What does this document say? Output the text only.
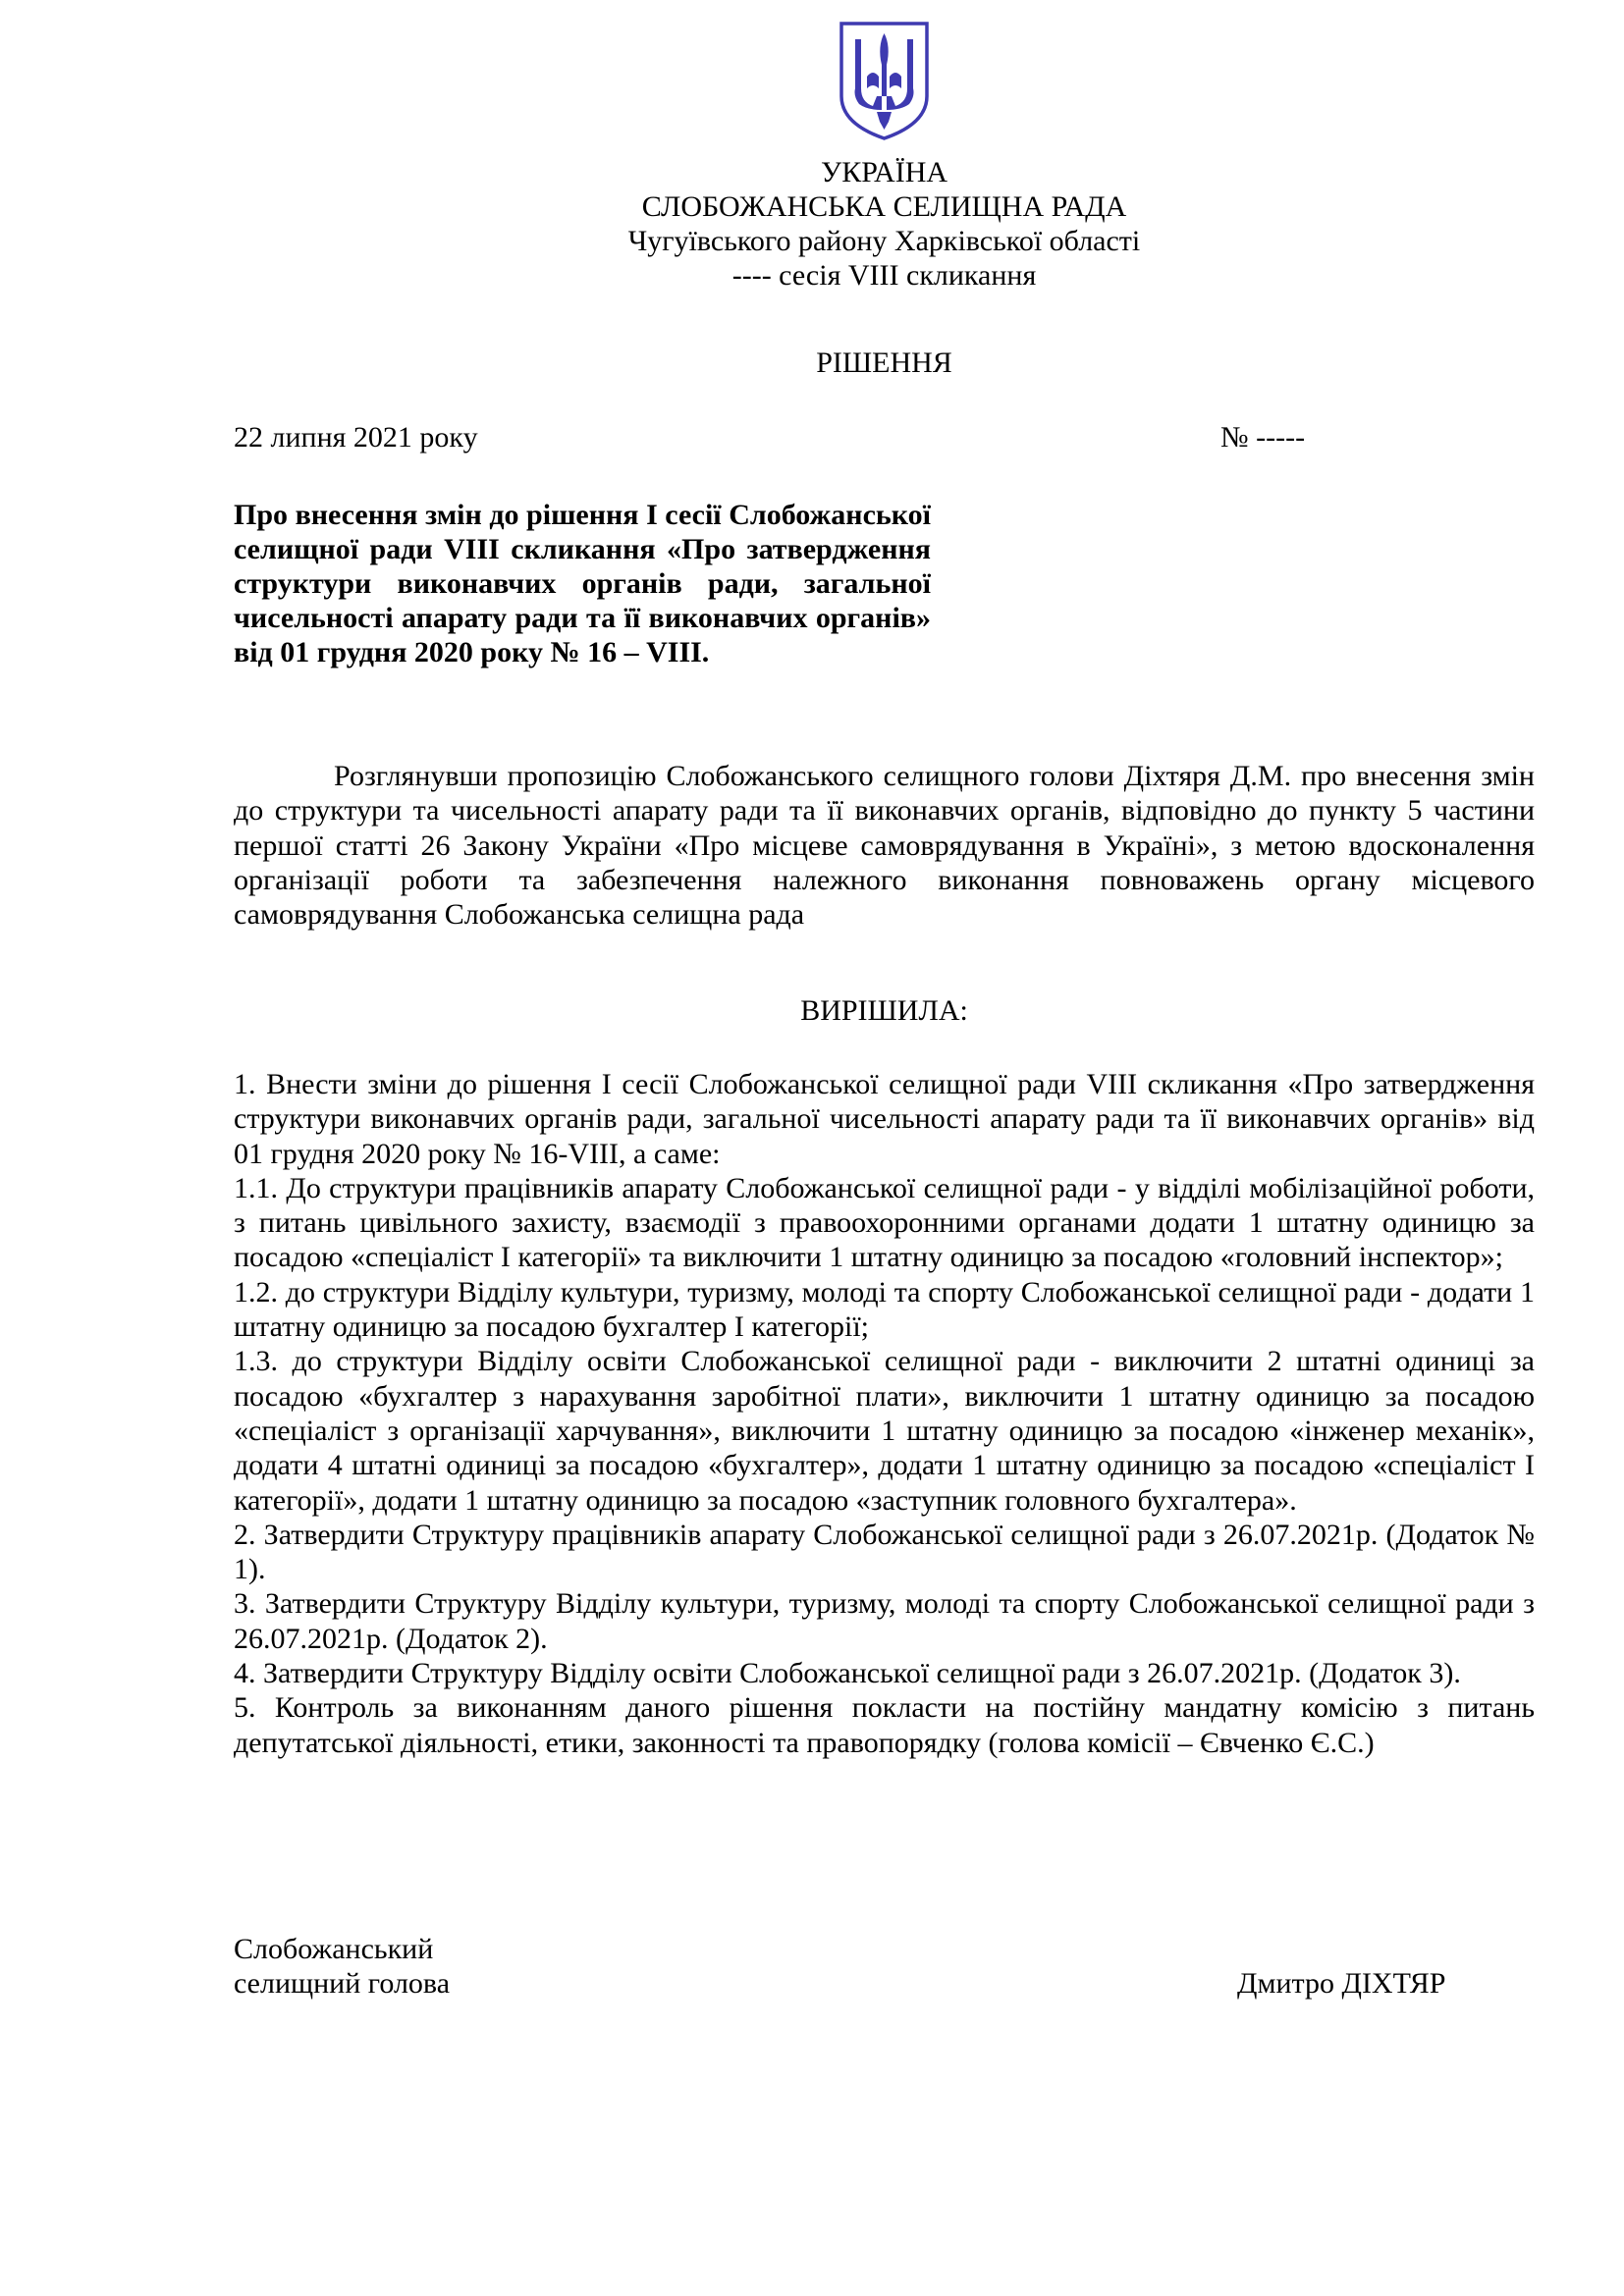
УКРАЇНА
СЛОБОЖАНСЬКА СЕЛИЩНА РАДА
Чугуївського району Харківської області
---- сесія VIII скликання
РІШЕННЯ
22 липня 2021 року	№ -----
Про внесення змін до рішення І сесії Слобожанської селищної ради VIII скликання «Про затвердження структури виконавчих органів ради, загальної чисельності апарату ради та її виконавчих органів» від 01 грудня 2020 року № 16 – VIII.
Розглянувши пропозицію Слобожанського селищного голови Діхтяря Д.М. про внесення змін до структури та чисельності апарату ради та її виконавчих органів, відповідно до пункту 5 частини першої статті 26 Закону України «Про місцеве самоврядування в Україні», з метою вдосконалення організації роботи та забезпечення належного виконання повноважень органу місцевого самоврядування Слобожанська селищна рада
ВИРІШИЛА:

1. Внести зміни до рішення І сесії Слобожанської селищної ради VIII скликання «Про затвердження структури виконавчих органів ради, загальної чисельності апарату ради та її виконавчих органів» від 01 грудня 2020 року № 16-VIII, а саме:

1.1. До структури працівників апарату Слобожанської селищної ради - у відділі мобілізаційної роботи, з питань цивільного захисту, взаємодії з правоохоронними органами додати 1 штатну одиницю за посадою «спеціаліст І категорії» та виключити 1 штатну одиницю за посадою «головний інспектор»;

1.2. до структури Відділу культури, туризму, молоді та спорту Слобожанської селищної ради - додати 1 штатну одиницю за посадою бухгалтер І категорії;

1.3. до структури Відділу освіти Слобожанської селищної ради - виключити 2 штатні одиниці за посадою «бухгалтер з нарахування заробітної плати», виключити 1 штатну одиницю за посадою «спеціаліст з організації харчування», виключити 1 штатну одиницю за посадою «інженер механік», додати 4 штатні одиниці за посадою «бухгалтер», додати 1 штатну одиницю за посадою «спеціаліст І категорії», додати 1 штатну одиницю за посадою «заступник головного бухгалтера».

2. Затвердити Структуру працівників апарату Слобожанської селищної ради з 26.07.2021р. (Додаток № 1).

3. Затвердити Структуру Відділу культури, туризму, молоді та спорту Слобожанської селищної ради з 26.07.2021р. (Додаток 2).

4. Затвердити Структуру Відділу освіти Слобожанської селищної ради з 26.07.2021р. (Додаток 3).

5. Контроль за виконанням даного рішення покласти на постійну мандатну комісію з питань депутатської діяльності, етики, законності та правопорядку (голова комісії – Євченко Є.С.)

Слобожанський
селищний голова	Дмитро ДІХТЯР
